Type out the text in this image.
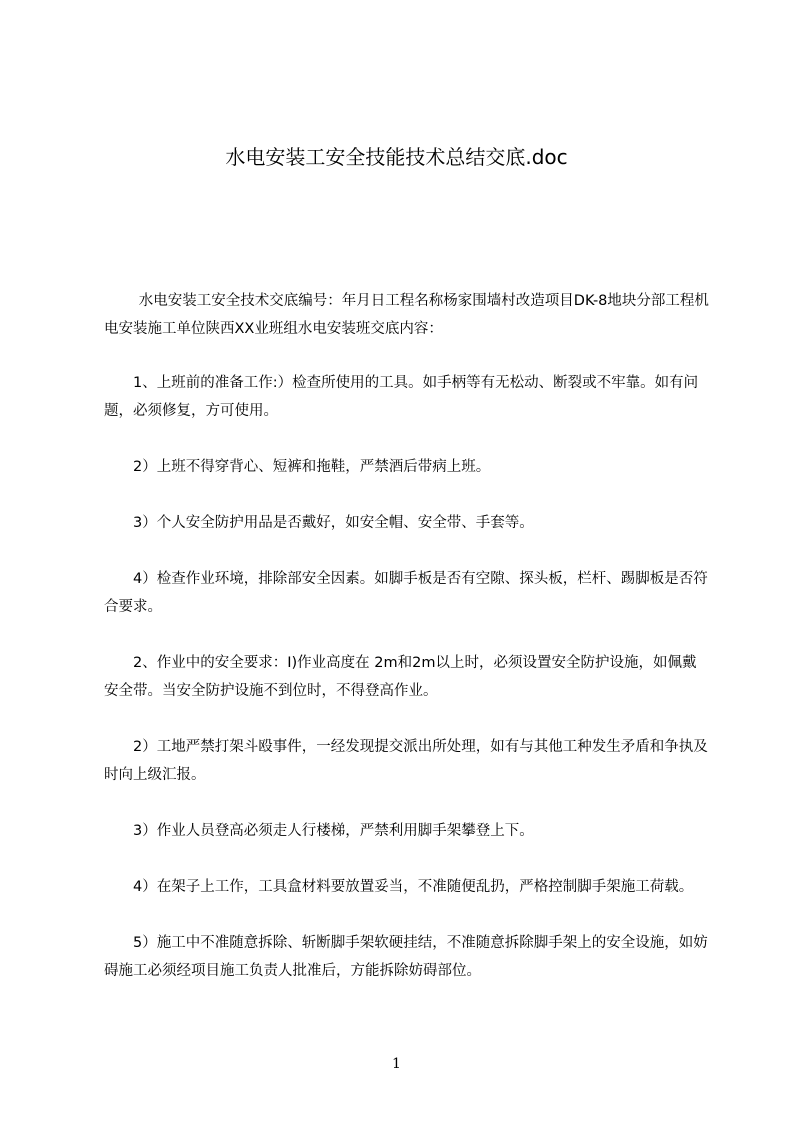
水电安装工安全技能技术总结交底.doc

水电安装工安全技术交底编号：年月日工程名称杨家围墙村改造项目DK-8地块分部工程机电安装施工单位陕西XX业班组水电安装班交底内容：

1、上班前的准备工作:）检查所使用的工具。如手柄等有无松动、断裂或不牢靠。如有问题，必须修复，方可使用。

2）上班不得穿背心、短裤和拖鞋，严禁酒后带病上班。

3）个人安全防护用品是否戴好，如安全帽、安全带、手套等。

4）检查作业环境，排除部安全因素。如脚手板是否有空隙、探头板，栏杆、踢脚板是否符合要求。

2、作业中的安全要求：I)作业高度在 2m和2m以上时，必须设置安全防护设施，如佩戴安全带。当安全防护设施不到位时，不得登高作业。

2）工地严禁打架斗殴事件，一经发现提交派出所处理，如有与其他工种发生矛盾和争执及时向上级汇报。

3）作业人员登高必须走人行楼梯，严禁利用脚手架攀登上下。

4）在架子上工作，工具盒材料要放置妥当，不准随便乱扔，严格控制脚手架施工荷载。

5）施工中不准随意拆除、斩断脚手架软硬挂结，不准随意拆除脚手架上的安全设施，如妨碍施工必须经项目施工负责人批准后，方能拆除妨碍部位。

1
